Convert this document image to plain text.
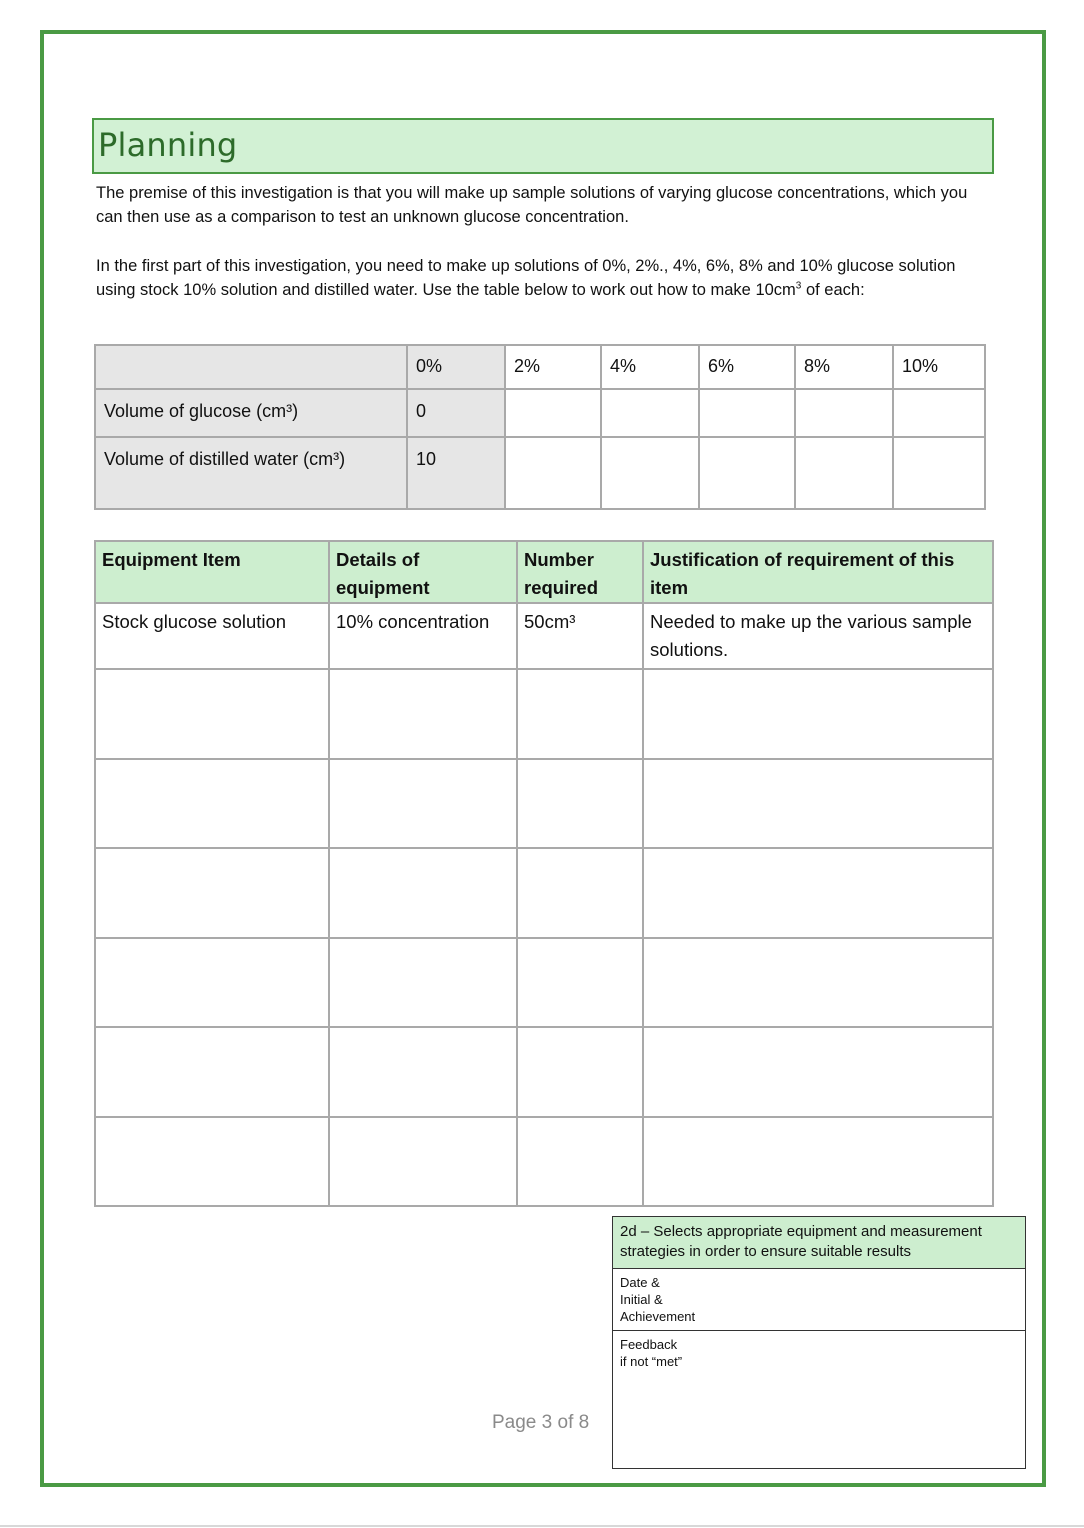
Planning
The premise of this investigation is that you will make up sample solutions of varying glucose concentrations, which you can then use as a comparison to test an unknown glucose concentration.
In the first part of this investigation, you need to make up solutions of 0%, 2%., 4%, 6%, 8% and 10% glucose solution using stock 10% solution and distilled water. Use the table below to work out how to make $10cm^3$ of each:
	0%	2%	4%	6%	8%	10%
Volume of glucose (cm³)	0					
Volume of distilled water (cm³)	10					
Equipment Item	Details of equipment	Number required	Justification of requirement of this item
Stock glucose solution	10% concentration	50cm³	Needed to make up the various sample solutions.

Page 3 of 8
2d – Selects appropriate equipment and measurement strategies in order to ensure suitable results

Date &
Initial &
Achievement

Feedback
if not “met”
